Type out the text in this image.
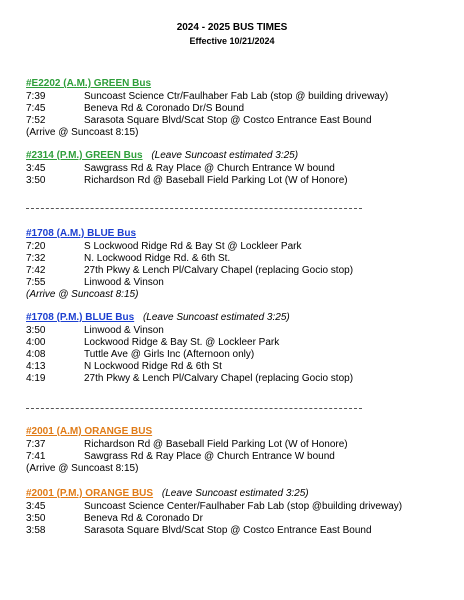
2024 - 2025 BUS TIMES
Effective 10/21/2024
#E2202 (A.M.) GREEN Bus
7:39	Suncoast Science Ctr/Faulhaber Fab Lab (stop @ building driveway)
7:45	Beneva Rd & Coronado Dr/S Bound
7:52	Sarasota Square Blvd/Scat Stop @ Costco Entrance East Bound
(Arrive @ Suncoast 8:15)
#2314 (P.M.) GREEN Bus (Leave Suncoast estimated 3:25)
3:45	Sawgrass Rd & Ray Place @ Church Entrance W bound
3:50	Richardson Rd @ Baseball Field Parking Lot (W of Honore)
#1708 (A.M.) BLUE Bus
7:20	S Lockwood Ridge Rd & Bay St @ Lockleer Park
7:32	N. Lockwood Ridge Rd. & 6th St.
7:42	27th Pkwy & Lench Pl/Calvary Chapel (replacing Gocio stop)
7:55	Linwood & Vinson
(Arrive @ Suncoast 8:15)
#1708 (P.M.) BLUE Bus (Leave Suncoast estimated 3:25)
3:50	Linwood & Vinson
4:00	Lockwood Ridge & Bay St. @ Lockleer Park
4:08	Tuttle Ave @ Girls Inc (Afternoon only)
4:13	N Lockwood Ridge Rd & 6th St
4:19	27th Pkwy & Lench Pl/Calvary Chapel (replacing Gocio stop)
#2001 (A.M) ORANGE BUS
7:37	Richardson Rd @ Baseball Field Parking Lot (W of Honore)
7:41	Sawgrass Rd & Ray Place @ Church Entrance W bound
(Arrive @ Suncoast 8:15)
#2001 (P.M.) ORANGE BUS (Leave Suncoast estimated 3:25)
3:45	Suncoast Science Center/Faulhaber Fab Lab (stop @building driveway)
3:50	Beneva Rd & Coronado Dr
3:58	Sarasota Square Blvd/Scat Stop @ Costco Entrance East Bound
